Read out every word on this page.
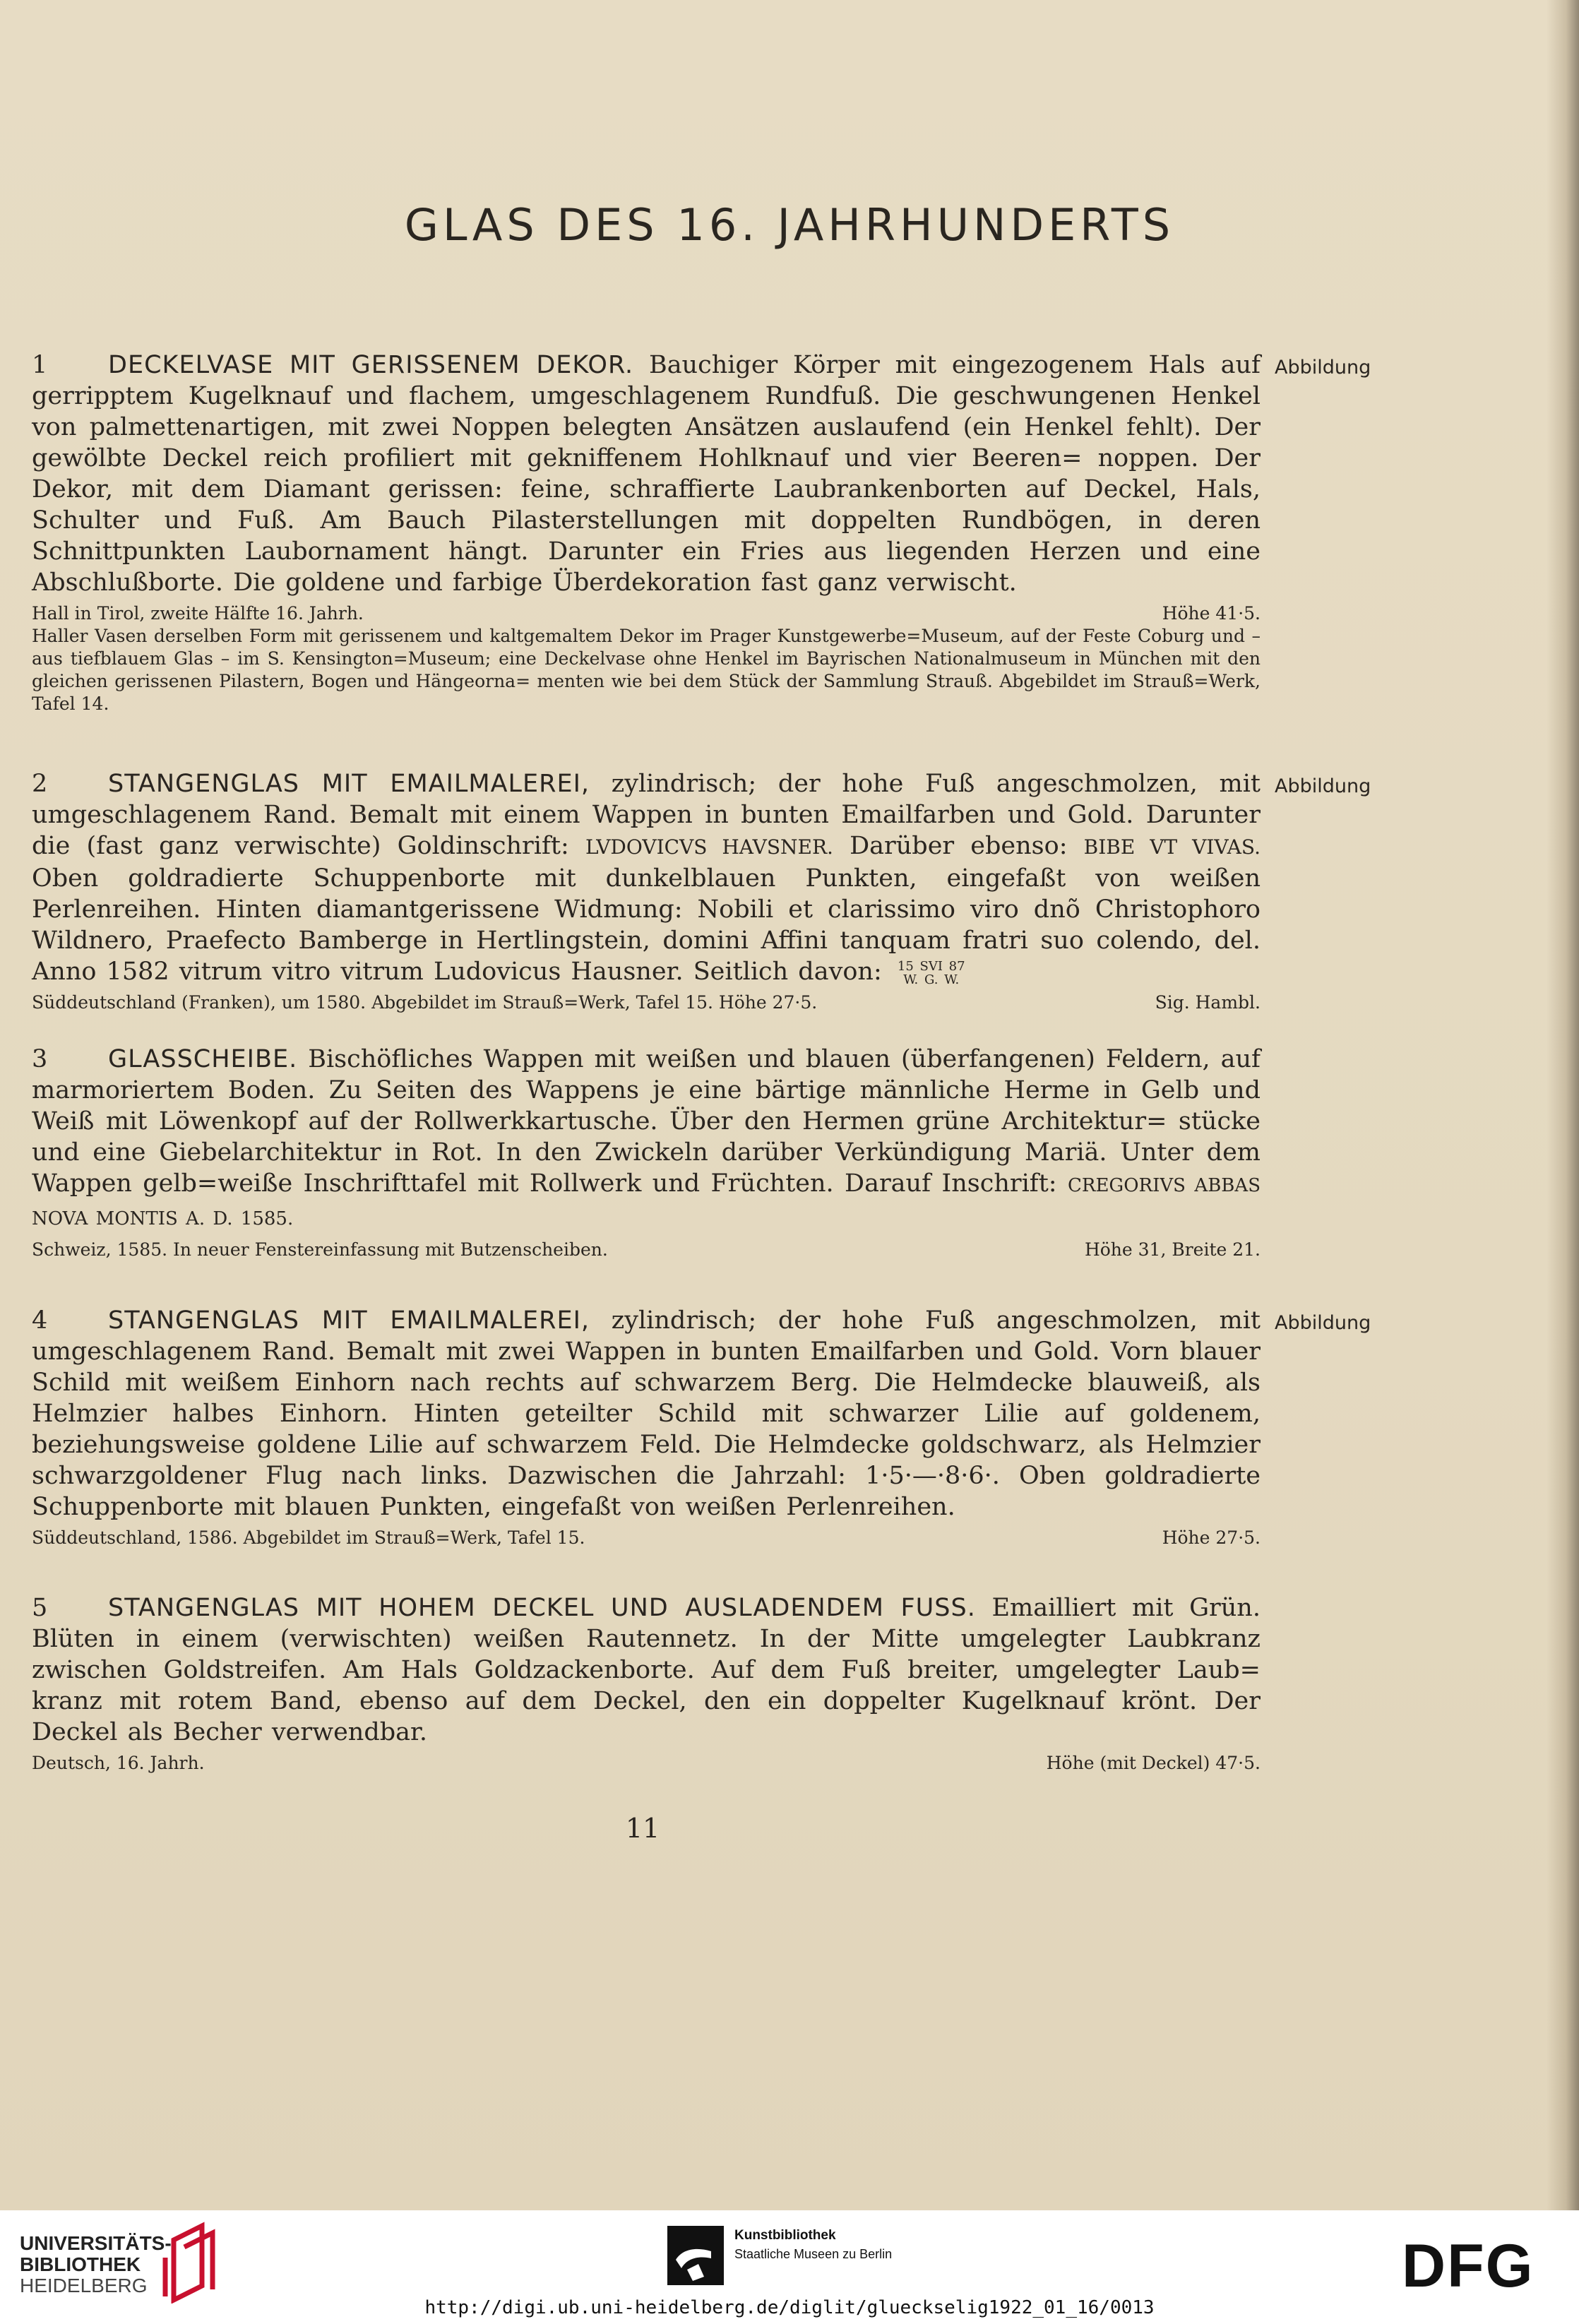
GLAS DES 16. JAHRHUNDERTS
1 DECKELVASE MIT GERISSENEM DEKOR. Bauchiger Körper mit eingezogenem Hals auf gerripptem Kugelknauf und flachem, umgeschlagenem Rundfuß. Die geschwungenen Henkel von palmettenartigen, mit zwei Noppen belegten Ansätzen auslaufend (ein Henkel fehlt). Der gewölbte Deckel reich profiliert mit gekniffenem Hohlknauf und vier Beeren= noppen. Der Dekor, mit dem Diamant gerissen: feine, schraffierte Laubrankenborten auf Deckel, Hals, Schulter und Fuß. Am Bauch Pilasterstellungen mit doppelten Rundbögen, in deren Schnittpunkten Laubornament hängt. Darunter ein Fries aus liegenden Herzen und eine Abschlußborte. Die goldene und farbige Überdekoration fast ganz verwischt.
Hall in Tirol, zweite Hälfte 16. Jahrh.	Höhe 41·5.
Haller Vasen derselben Form mit gerissenem und kaltgemaltem Dekor im Prager Kunstgewerbe=Museum, auf der Feste Coburg und – aus tiefblauem Glas – im S. Kensington=Museum; eine Deckelvase ohne Henkel im Bayrischen Nationalmuseum in München mit den gleichen gerissenen Pilastern, Bogen und Hängeorna= menten wie bei dem Stück der Sammlung Strauß. Abgebildet im Strauß=Werk, Tafel 14.
Abbildung
2 STANGENGLAS MIT EMAILMALEREI, zylindrisch; der hohe Fuß angeschmolzen, mit umgeschlagenem Rand. Bemalt mit einem Wappen in bunten Emailfarben und Gold. Darunter die (fast ganz verwischte) Goldinschrift: LVDOVICVS HAVSNER. Darüber ebenso: BIBE VT VIVAS. Oben goldradierte Schuppenborte mit dunkelblauen Punkten, eingefaßt von weißen Perlenreihen. Hinten diamantgerissene Widmung: Nobili et clarissimo viro dnõ Christophoro Wildnero, Praefecto Bamberge in Hertlingstein, domini Affini tanquam fratri suo colendo, del. Anno 1582 vitrum vitro vitrum Ludovicus Hausner. Seitlich davon: 15 SVI 87
W. G. W.
Süddeutschland (Franken), um 1580. Abgebildet im Strauß=Werk, Tafel 15. Höhe 27·5.	Sig. Hambl.
Abbildung
3 GLASSCHEIBE. Bischöfliches Wappen mit weißen und blauen (überfangenen) Feldern, auf marmoriertem Boden. Zu Seiten des Wappens je eine bärtige männliche Herme in Gelb und Weiß mit Löwenkopf auf der Rollwerkkartusche. Über den Hermen grüne Architektur= stücke und eine Giebelarchitektur in Rot. In den Zwickeln darüber Verkündigung Mariä. Unter dem Wappen gelb=weiße Inschrifttafel mit Rollwerk und Früchten. Darauf Inschrift: CREGORIVS ABBAS NOVA MONTIS A. D. 1585.
Schweiz, 1585. In neuer Fenstereinfassung mit Butzenscheiben.	Höhe 31, Breite 21.
4 STANGENGLAS MIT EMAILMALEREI, zylindrisch; der hohe Fuß angeschmolzen, mit umgeschlagenem Rand. Bemalt mit zwei Wappen in bunten Emailfarben und Gold. Vorn blauer Schild mit weißem Einhorn nach rechts auf schwarzem Berg. Die Helmdecke blauweiß, als Helmzier halbes Einhorn. Hinten geteilter Schild mit schwarzer Lilie auf goldenem, beziehungsweise goldene Lilie auf schwarzem Feld. Die Helmdecke goldschwarz, als Helmzier schwarzgoldener Flug nach links. Dazwischen die Jahrzahl: 1·5·—·8·6·. Oben goldradierte Schuppenborte mit blauen Punkten, eingefaßt von weißen Perlenreihen.
Süddeutschland, 1586. Abgebildet im Strauß=Werk, Tafel 15.	Höhe 27·5.
Abbildung
5 STANGENGLAS MIT HOHEM DECKEL UND AUSLADENDEM FUSS. Emailliert mit Grün. Blüten in einem (verwischten) weißen Rautennetz. In der Mitte umgelegter Laubkranz zwischen Goldstreifen. Am Hals Goldzackenborte. Auf dem Fuß breiter, umgelegter Laub= kranz mit rotem Band, ebenso auf dem Deckel, den ein doppelter Kugelknauf krönt. Der Deckel als Becher verwendbar.
Deutsch, 16. Jahrh.	Höhe (mit Deckel) 47·5.
11
UNIVERSITÄTS-
BIBLIOTHEK
HEIDELBERG
Kunstbibliothek
Staatliche Museen zu Berlin	DFG
http://digi.ub.uni-heidelberg.de/diglit/glueckselig1922_01_16/0013
